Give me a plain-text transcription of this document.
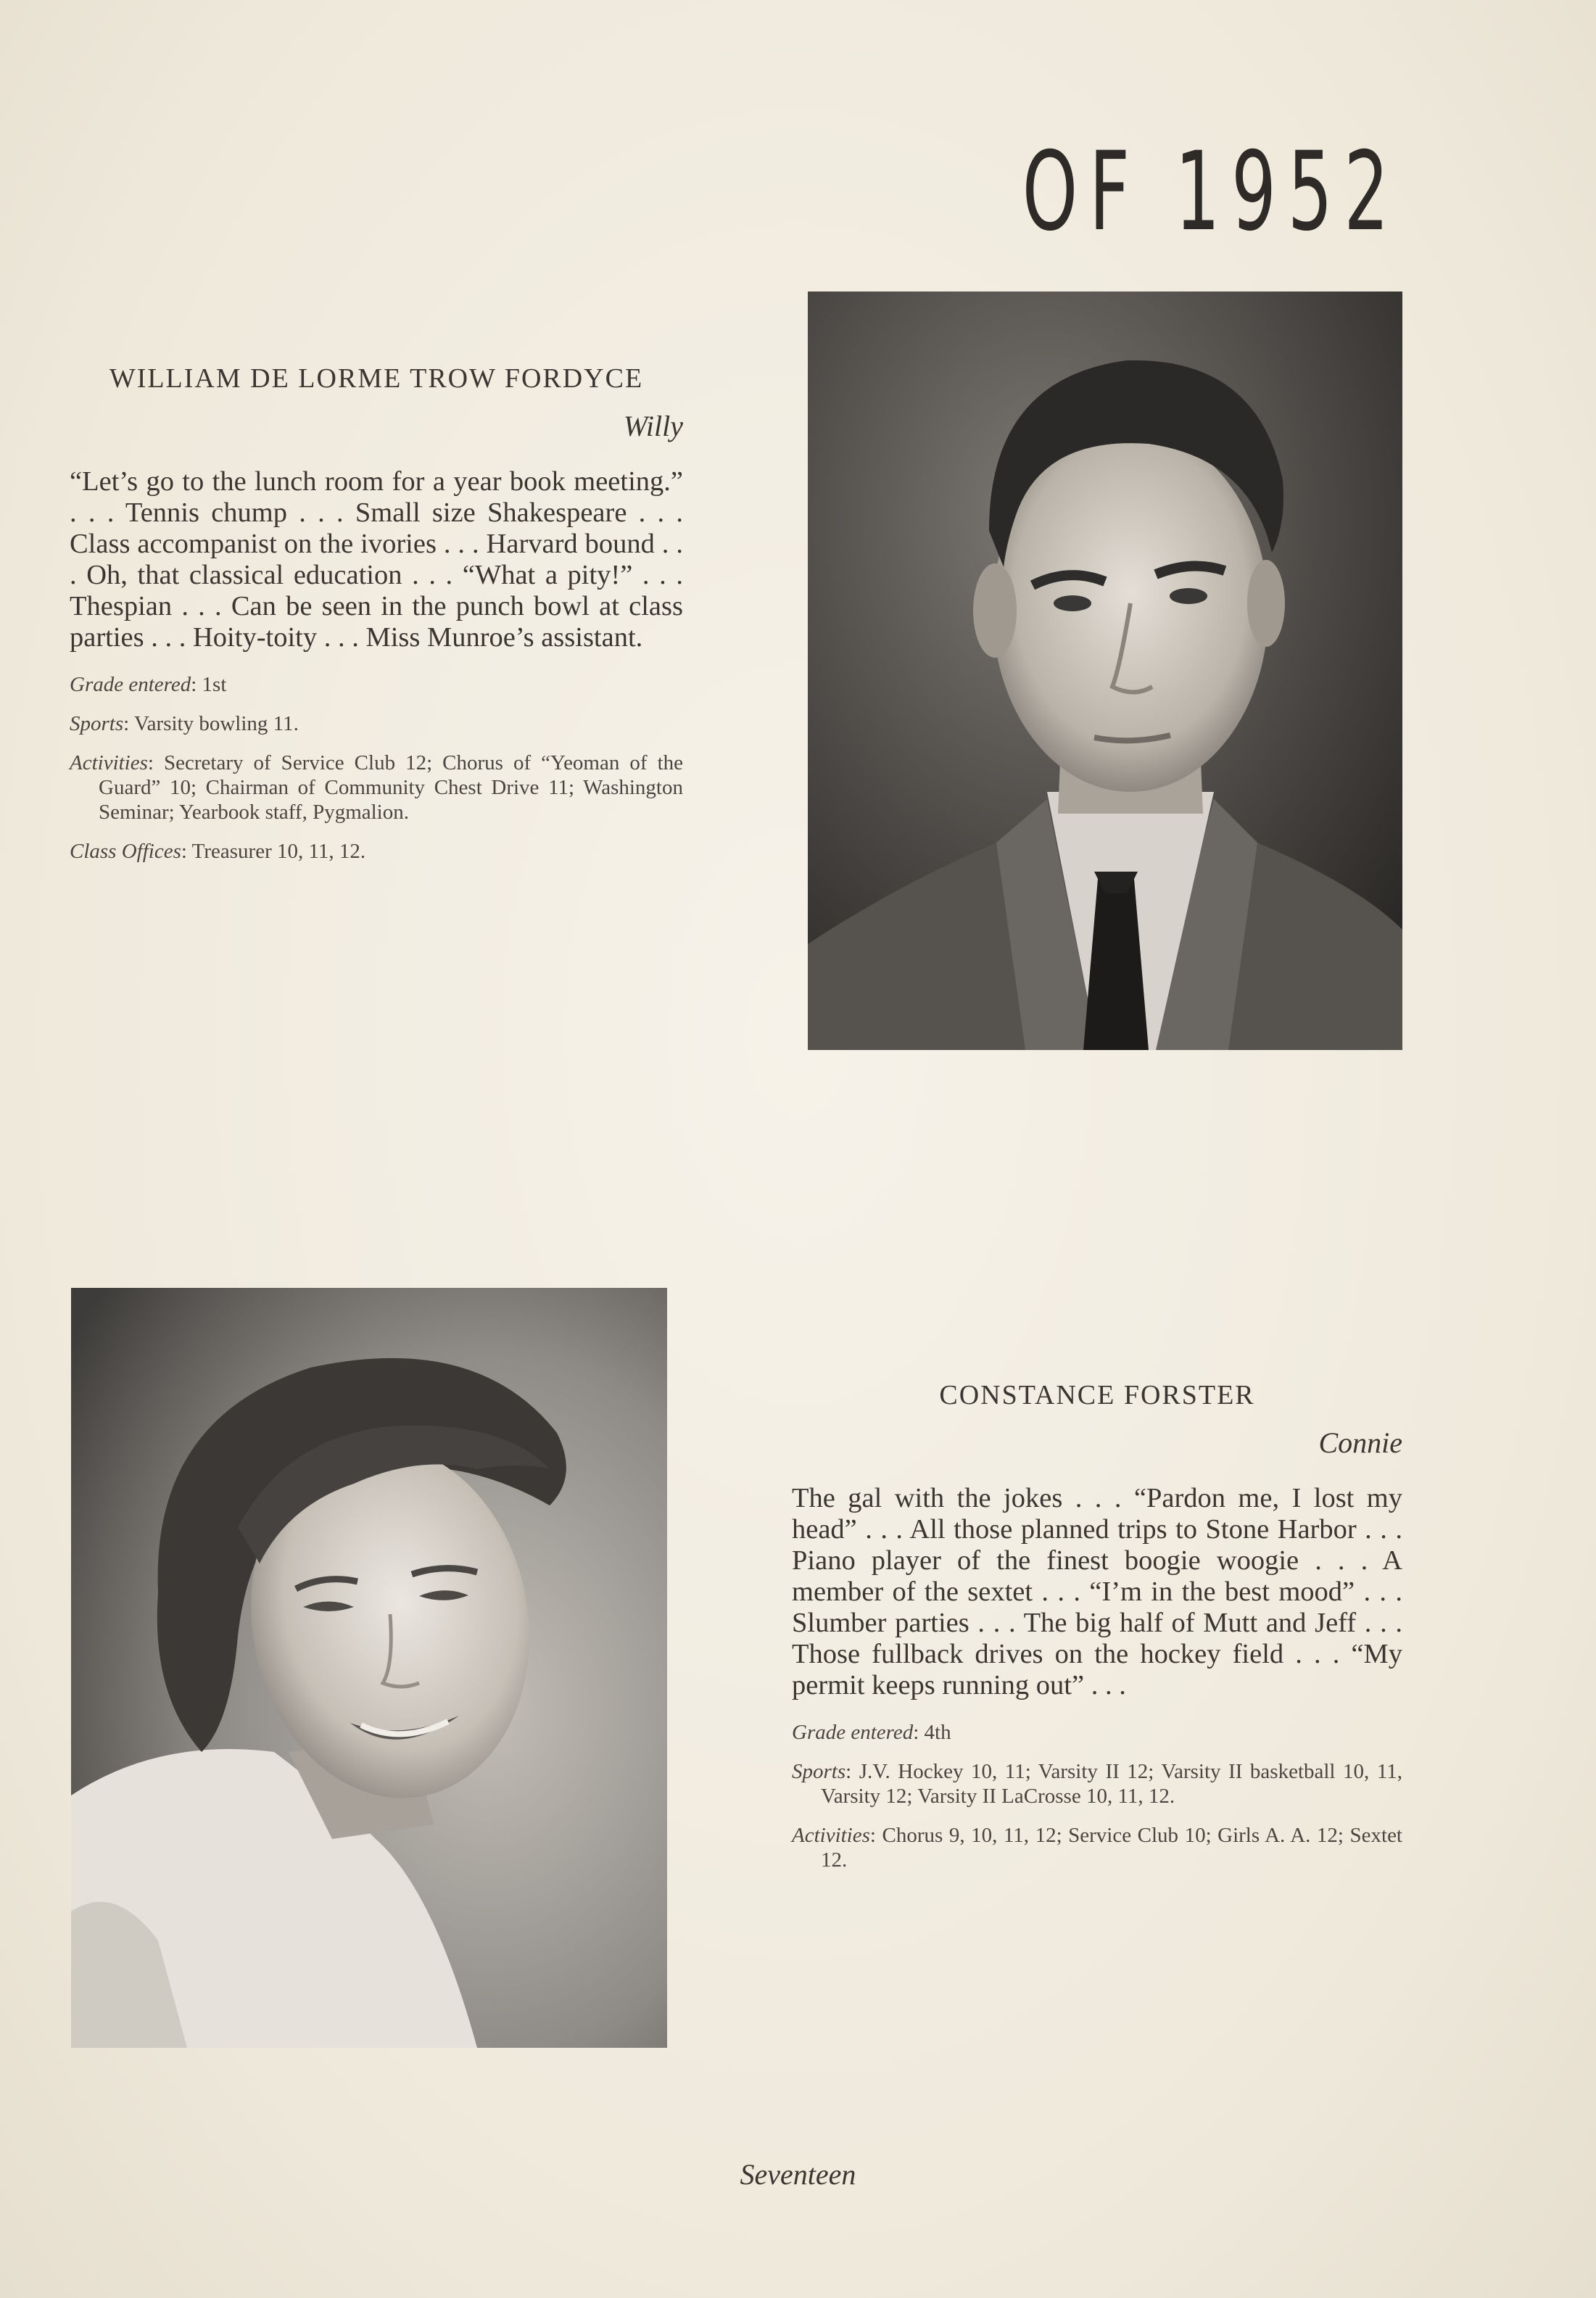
OF 1952

WILLIAM DE LORME TROW FORDYCE

Willy

“Let’s go to the lunch room for a year book meeting.” . . . Tennis chump . . . Small size Shakespeare . . . Class accompanist on the ivories . . . Harvard bound . . . Oh, that classical education . . . “What a pity!” . . . Thespian . . . Can be seen in the punch bowl at class parties . . . Hoity-toity . . . Miss Munroe’s assistant.

Grade entered: 1st

Sports: Varsity bowling 11.

Activities: Secretary of Service Club 12; Chorus of “Yeoman of the Guard” 10; Chairman of Community Chest Drive 11; Washington Seminar; Yearbook staff, Pygmalion.

Class Offices: Treasurer 10, 11, 12.

CONSTANCE FORSTER

Connie

The gal with the jokes . . . “Pardon me, I lost my head” . . . All those planned trips to Stone Harbor . . . Piano player of the finest boogie woogie . . . A member of the sextet . . . “I’m in the best mood” . . . Slumber parties . . . The big half of Mutt and Jeff . . . Those fullback drives on the hockey field . . . “My permit keeps running out” . . .

Grade entered: 4th

Sports: J.V. Hockey 10, 11; Varsity II 12; Varsity II basketball 10, 11, Varsity 12; Varsity II LaCrosse 10, 11, 12.

Activities: Chorus 9, 10, 11, 12; Service Club 10; Girls A. A. 12; Sextet 12.

Seventeen
